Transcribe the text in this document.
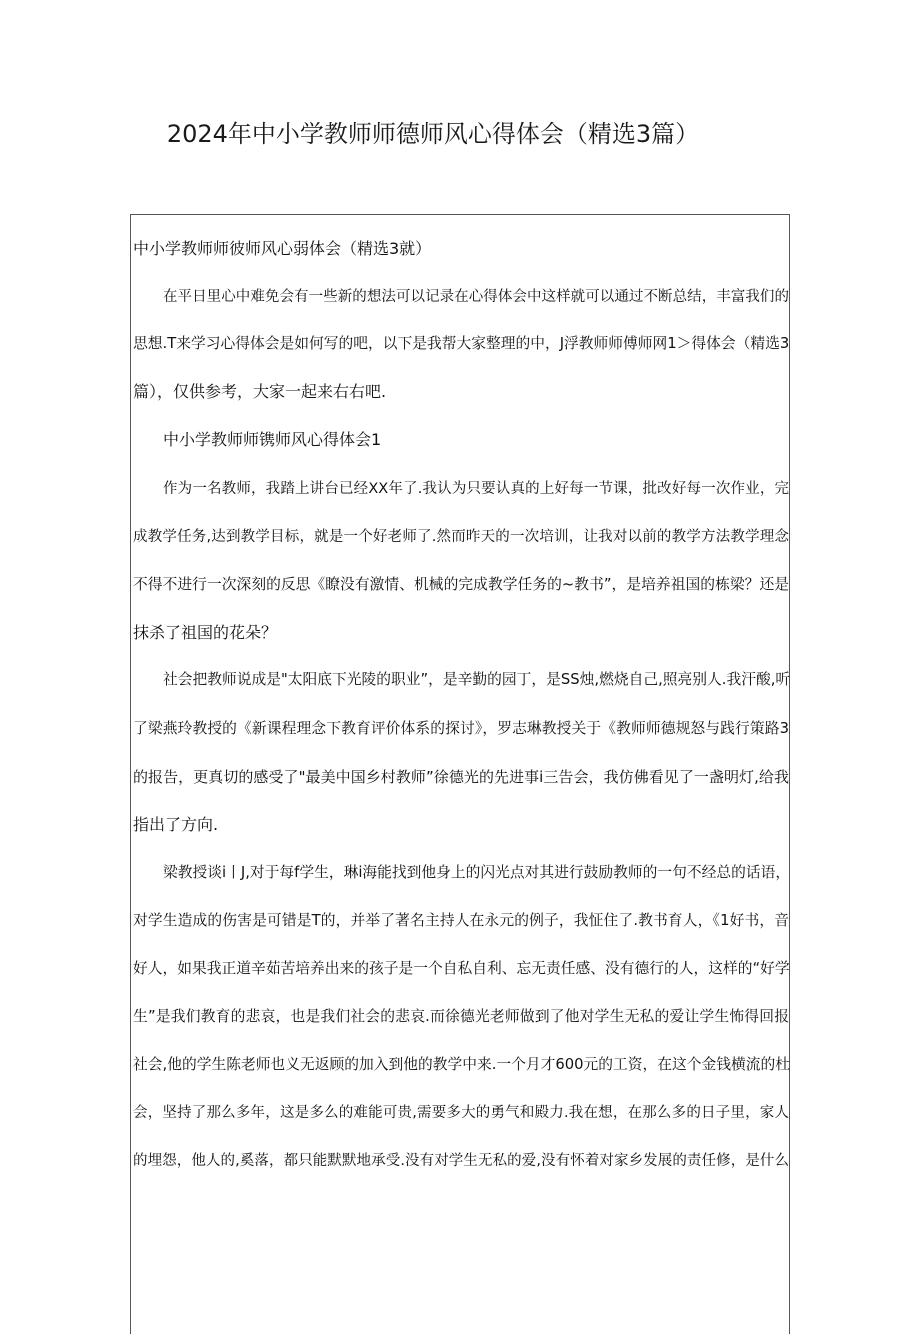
2024年中小学教师师德师风心得体会（精选3篇）
中小学教师师彼师风心弱体会（精选3就）
在平日里心中难免会有一些新的想法可以记录在心得体会中这样就可以通过不断总结，丰富我们的
思想.T来学习心得体会是如何写的吧，以下是我帮大家整理的中，J浮教师师傅师网1＞得体会（精选3
篇），仅供参考，大家一起来右右吧.
中小学教师师镌师风心得体会1
作为一名教师，我踏上讲台已经XX年了.我认为只要认真的上好每一节课，批改好每一次作业，完
成教学任务,达到教学目标，就是一个好老师了.然而昨天的一次培训，让我对以前的教学方法教学理念
不得不进行一次深刻的反思《瞭没有激情、机械的完成教学任务的~教书”，是培养祖国的栋梁？还是
抹杀了祖国的花朵？
社会把教师说成是"太阳底下光陵的职业”，是辛勤的园丁，是SS烛,燃烧自己,照亮别人.我汗酸,听
了梁燕玲教授的《新课程理念下教育评价体系的探讨》，罗志琳教授关于《教师师德规怒与践行策路3
的报告，更真切的感受了"最美中国乡村教师”徐德光的先进事i三告会，我仿佛看见了一盏明灯,给我
指出了方向.
梁教授谈i丨J,对于每f学生，琳i海能找到他身上的闪光点对其进行鼓励教师的一句不经总的话语，
对学生造成的伤害是可错是T的，并举了著名主持人在永元的例子，我怔住了.教书育人，《1好书，音
好人，如果我正道辛茹苦培养出来的孩子是一个自私自利、忘无责任感、没有德行的人，这样的“好学
生”是我们教育的悲哀，也是我们社会的悲哀.而徐德光老师做到了他对学生无私的爱让学生怖得回报
社会,他的学生陈老师也义无返顾的加入到他的教学中来.一个月才600元的工资，在这个金钱横流的杜
会，坚持了那么多年，这是多么的难能可贵,需要多大的勇气和殿力.我在想，在那么多的日子里，家人
的埋怨，他人的,奚落，都只能默默地承受.没有对学生无私的爱,没有怀着对家乡发展的责任修，是什么
